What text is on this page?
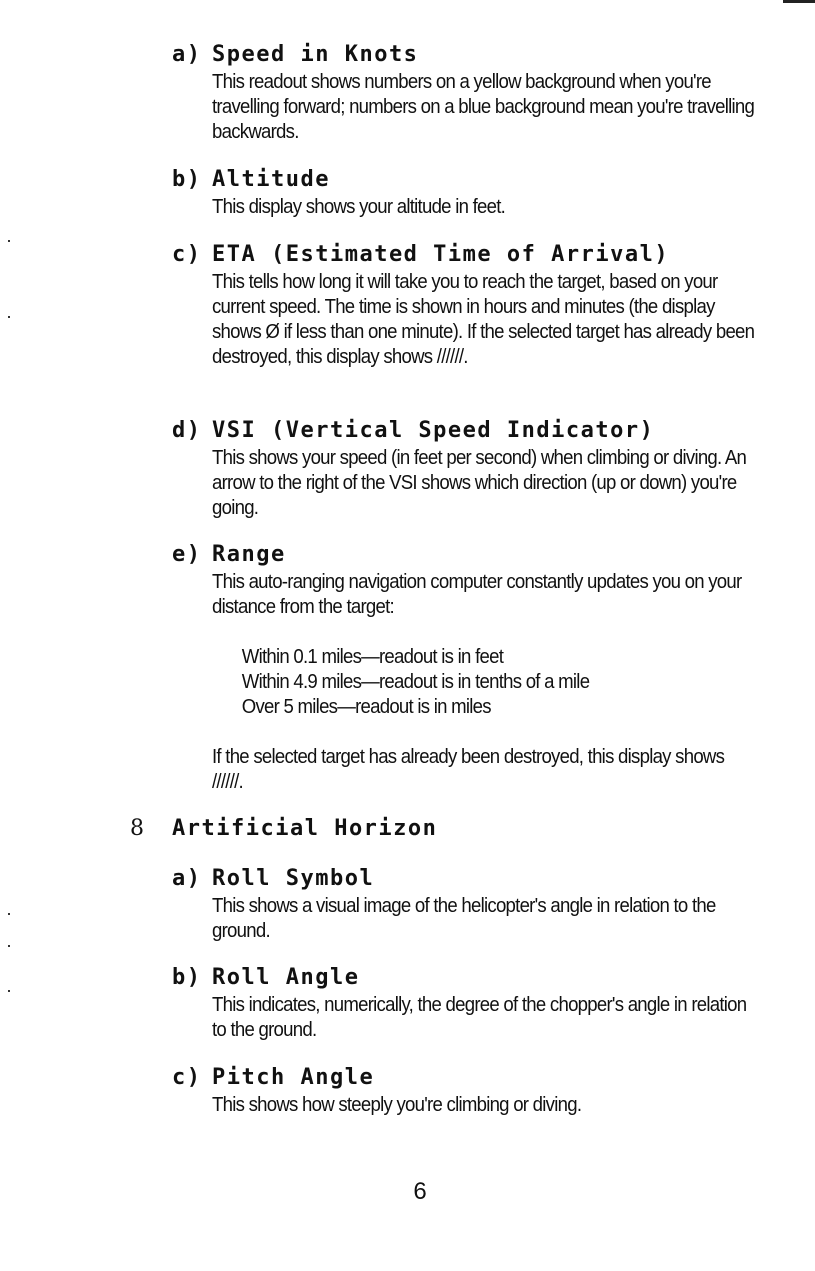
a) Speed in Knots

This readout shows numbers on a yellow background when you're travelling forward; numbers on a blue background mean you're travelling backwards.

b) Altitude

This display shows your altitude in feet.

c) ETA (Estimated Time of Arrival)

This tells how long it will take you to reach the target, based on your current speed. The time is shown in hours and minutes (the display shows Ø if less than one minute). If the selected target has already been destroyed, this display shows //////.

d) VSI (Vertical Speed Indicator)

This shows your speed (in feet per second) when climbing or diving. An arrow to the right of the VSI shows which direction (up or down) you're going.

e) Range

This auto-ranging navigation computer constantly updates you on your distance from the target:

Within 0.1 miles—readout is in feet
Within 4.9 miles—readout is in tenths of a mile
Over 5 miles—readout is in miles

If the selected target has already been destroyed, this display shows //////.

8	Artificial Horizon
a) Roll Symbol

This shows a visual image of the helicopter's angle in relation to the ground.

b) Roll Angle

This indicates, numerically, the degree of the chopper's angle in relation to the ground.

c) Pitch Angle

This shows how steeply you're climbing or diving.

6
